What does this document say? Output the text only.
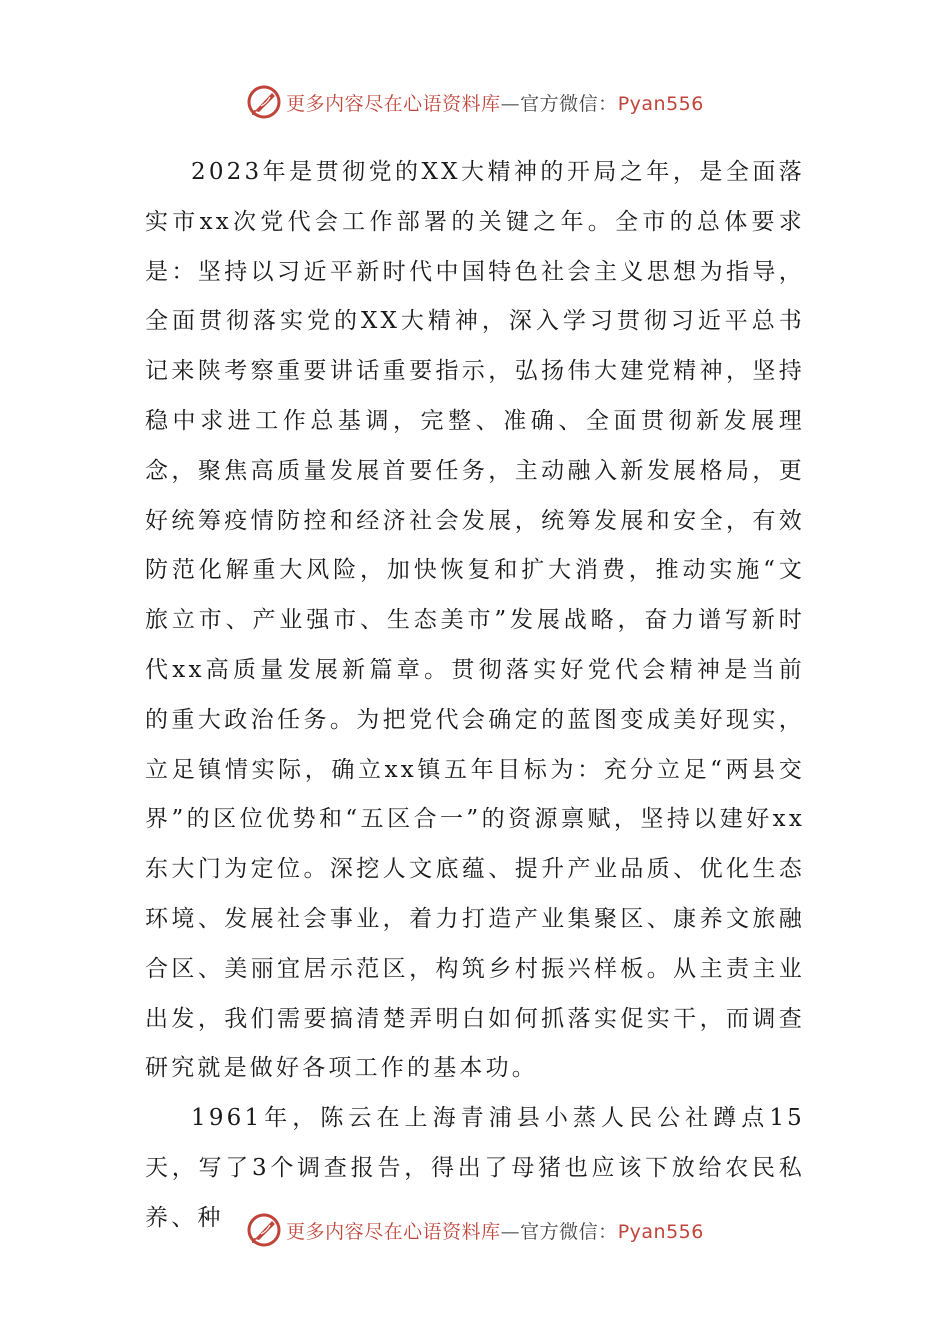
更多内容尽在心语资料库—官方微信：Pyan556

2023年是贯彻党的XX大精神的开局之年，是全面落实市xx次党代会工作部署的关键之年。全市的总体要求是：坚持以习近平新时代中国特色社会主义思想为指导，全面贯彻落实党的XX大精神，深入学习贯彻习近平总书记来陕考察重要讲话重要指示，弘扬伟大建党精神，坚持稳中求进工作总基调，完整、准确、全面贯彻新发展理念，聚焦高质量发展首要任务，主动融入新发展格局，更好统筹疫情防控和经济社会发展，统筹发展和安全，有效防范化解重大风险，加快恢复和扩大消费，推动实施“文旅立市、产业强市、生态美市”发展战略，奋力谱写新时代xx高质量发展新篇章。贯彻落实好党代会精神是当前的重大政治任务。为把党代会确定的蓝图变成美好现实，立足镇情实际，确立xx镇五年目标为：充分立足“两县交界”的区位优势和“五区合一”的资源禀赋，坚持以建好xx东大门为定位。深挖人文底蕴、提升产业品质、优化生态环境、发展社会事业，着力打造产业集聚区、康养文旅融合区、美丽宜居示范区，构筑乡村振兴样板。从主责主业出发，我们需要搞清楚弄明白如何抓落实促实干，而调查研究就是做好各项工作的基本功。

1961年，陈云在上海青浦县小蒸人民公社蹲点15天，写了3个调查报告，得出了母猪也应该下放给农民私养、种

更多内容尽在心语资料库—官方微信：Pyan556
